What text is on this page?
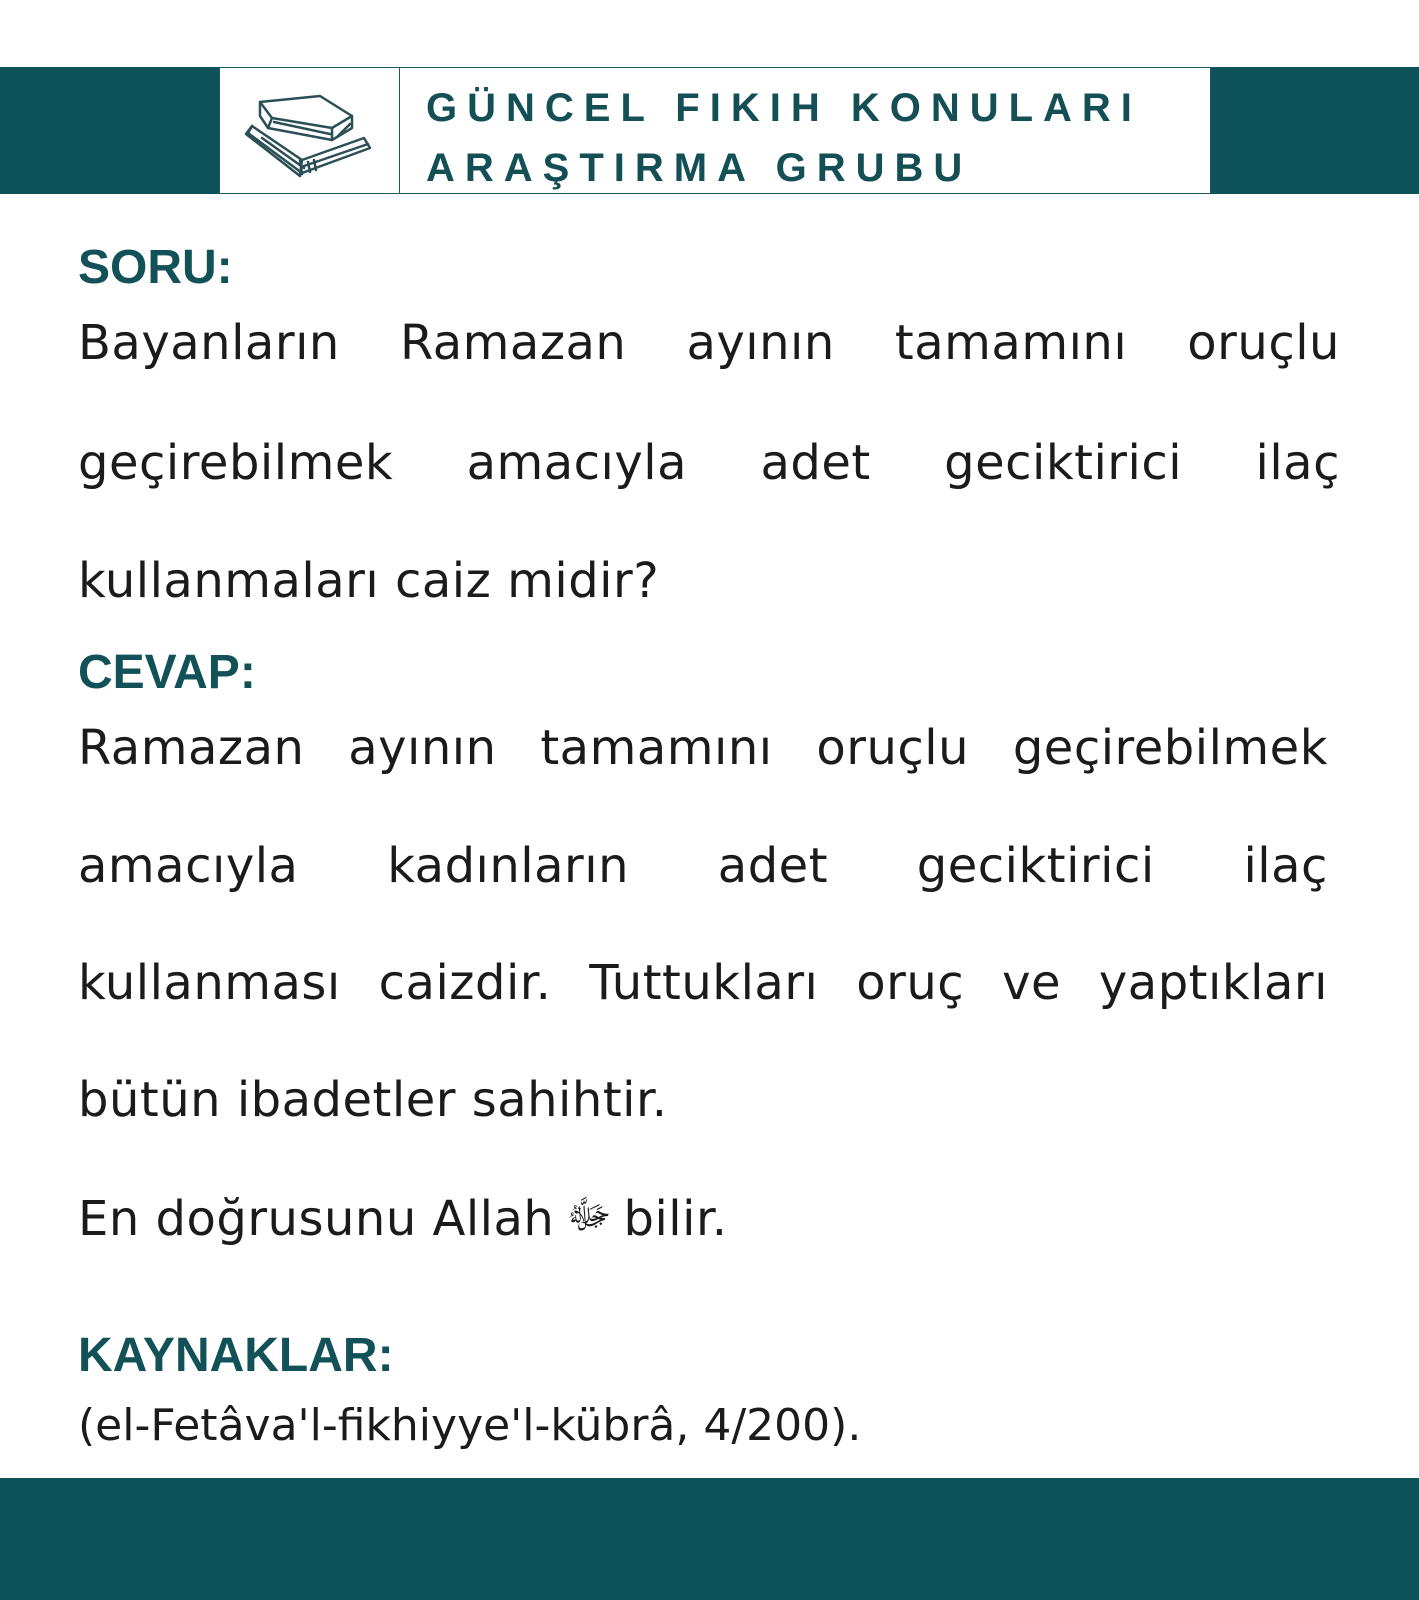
GÜNCEL FIKIH KONULARI
ARAŞTIRMA GRUBU
SORU:
Bayanların Ramazan ayının tamamını oruçlu
geçirebilmek amacıyla adet geciktirici ilaç
kullanmaları caiz midir?
CEVAP:
Ramazan ayının tamamını oruçlu geçirebilmek
amacıyla kadınların adet geciktirici ilaç
kullanması caizdir. Tuttukları oruç ve yaptıkları
bütün ibadetler sahihtir.
En doğrusunu Allah ﷻ bilir.
KAYNAKLAR:
(el-Fetâva'l-fikhiyye'l-kübrâ, 4/200).
